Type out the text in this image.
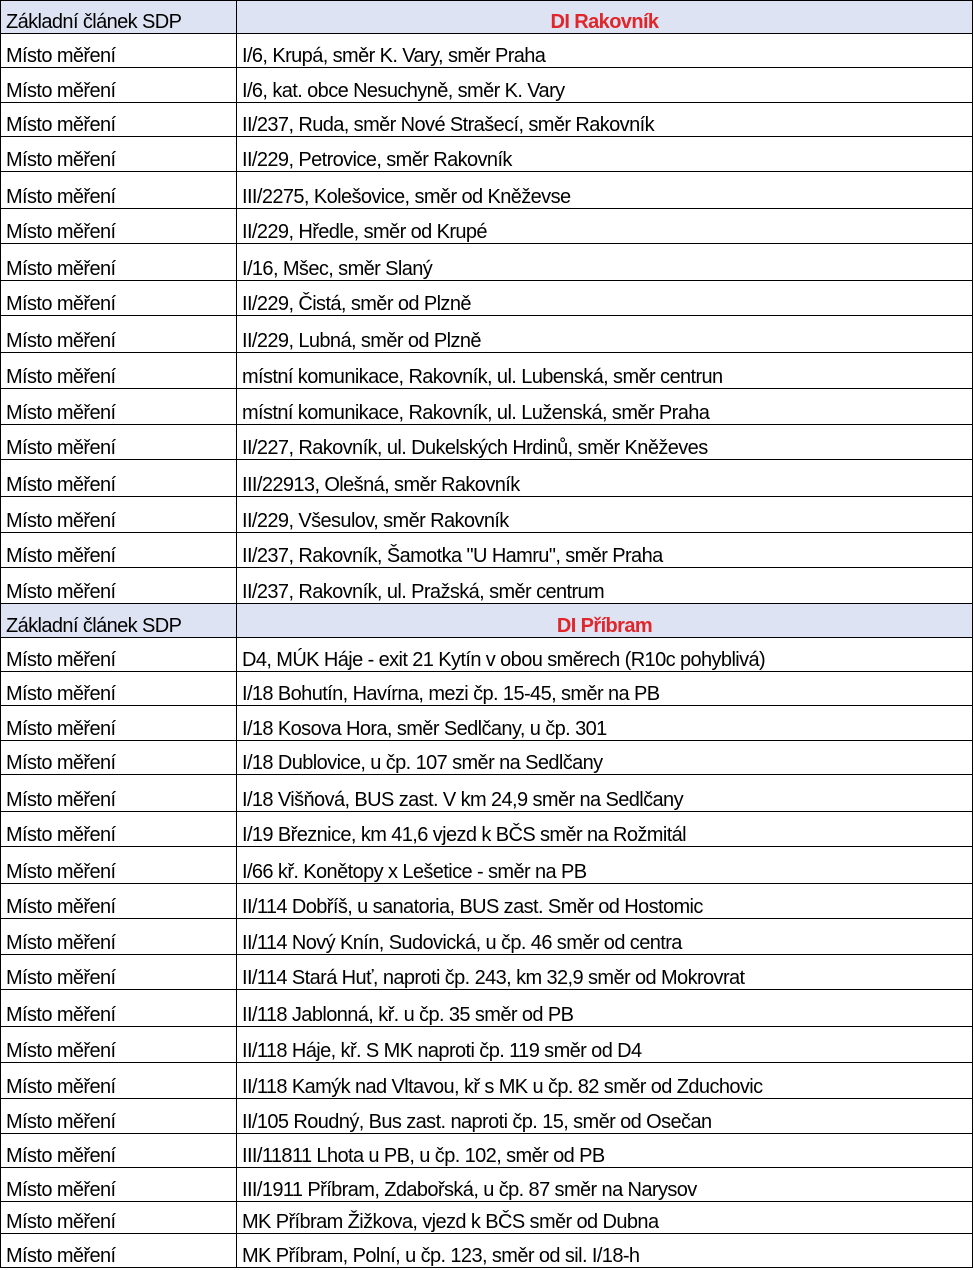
Základní článek SDP	DI Rakovník
Místo měření	I/6, Krupá, směr K. Vary, směr Praha
Místo měření	I/6, kat. obce Nesuchyně, směr K. Vary
Místo měření	II/237, Ruda, směr Nové Strašecí, směr Rakovník
Místo měření	II/229, Petrovice, směr Rakovník
Místo měření	III/2275, Kolešovice, směr od Kněževse
Místo měření	II/229, Hředle, směr od Krupé
Místo měření	I/16, Mšec, směr Slaný
Místo měření	II/229, Čistá, směr od Plzně
Místo měření	II/229, Lubná, směr od Plzně
Místo měření	místní komunikace, Rakovník, ul. Lubenská, směr centrun
Místo měření	místní komunikace, Rakovník, ul. Luženská, směr Praha
Místo měření	II/227, Rakovník, ul. Dukelských Hrdinů, směr Kněževes
Místo měření	III/22913, Olešná, směr Rakovník
Místo měření	II/229, Všesulov, směr Rakovník
Místo měření	II/237, Rakovník, Šamotka "U Hamru", směr Praha
Místo měření	II/237, Rakovník, ul. Pražská, směr centrum
Základní článek SDP	DI Příbram
Místo měření	D4, MÚK Háje - exit 21 Kytín v obou směrech (R10c pohyblivá)
Místo měření	I/18 Bohutín, Havírna, mezi čp. 15-45, směr na PB
Místo měření	I/18 Kosova Hora, směr Sedlčany, u čp. 301
Místo měření	I/18 Dublovice, u čp. 107 směr na Sedlčany
Místo měření	I/18 Višňová, BUS zast. V km 24,9 směr na Sedlčany
Místo měření	I/19 Březnice, km 41,6 vjezd k BČS směr na Rožmitál
Místo měření	I/66 kř. Konětopy x Lešetice - směr na PB
Místo měření	II/114 Dobříš, u sanatoria, BUS zast. Směr od Hostomic
Místo měření	II/114 Nový Knín, Sudovická, u čp. 46 směr od centra
Místo měření	II/114 Stará Huť, naproti čp. 243, km 32,9 směr od Mokrovrat
Místo měření	II/118 Jablonná, kř. u čp. 35 směr od PB
Místo měření	II/118 Háje, kř. S MK naproti čp. 119 směr od D4
Místo měření	II/118 Kamýk nad Vltavou, kř s MK u čp. 82 směr od Zduchovic
Místo měření	II/105 Roudný, Bus zast. naproti čp. 15, směr od Osečan
Místo měření	III/11811 Lhota u PB, u čp. 102, směr od PB
Místo měření	III/1911 Příbram, Zdabořská, u čp. 87 směr na Narysov
Místo měření	MK Příbram Žižkova, vjezd k BČS směr od Dubna
Místo měření	MK Příbram, Polní, u čp. 123, směr od sil. I/18-h
